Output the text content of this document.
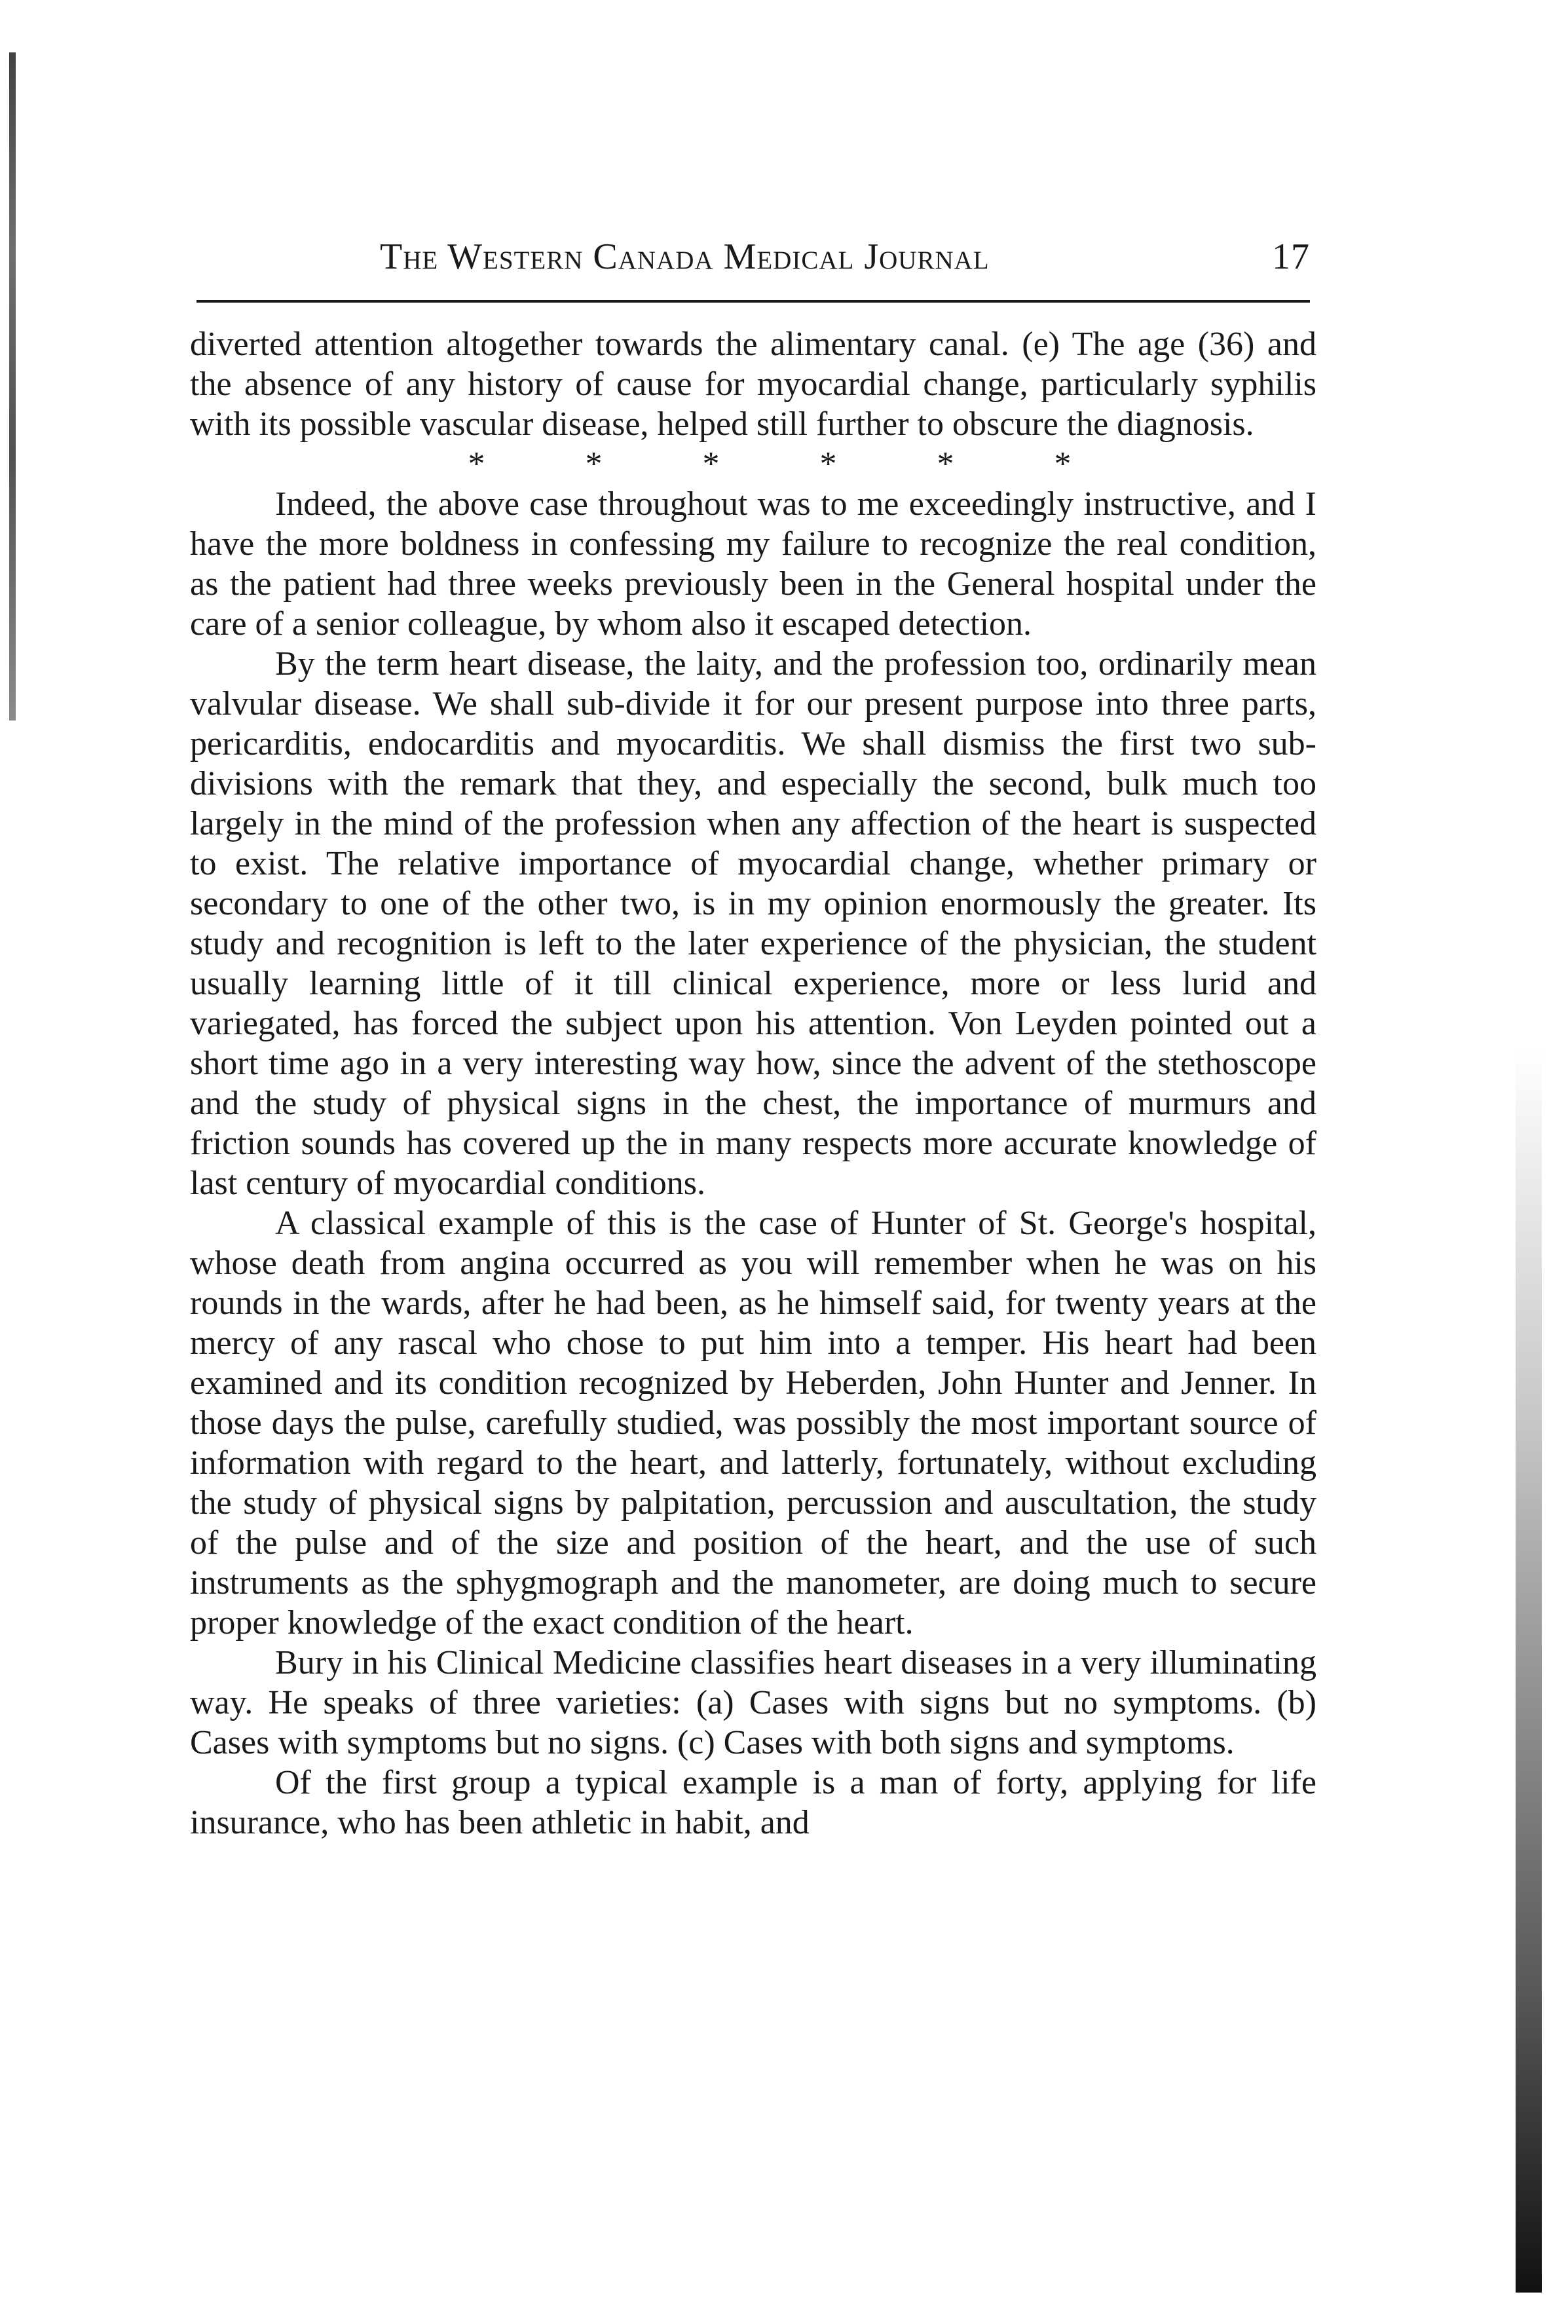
The Western Canada Medical Journal	17

diverted attention altogether towards the alimentary canal. (e) The age (36) and the absence of any history of cause for myocardial change, particularly syphilis with its possible vascular disease, helped still further to obscure the diagnosis.

* * * * * *

Indeed, the above case throughout was to me exceedingly instructive, and I have the more boldness in confessing my failure to recognize the real condition, as the patient had three weeks previously been in the General hospital under the care of a senior colleague, by whom also it escaped detection.

By the term heart disease, the laity, and the profession too, ordinarily mean valvular disease. We shall sub-divide it for our present purpose into three parts, pericarditis, endocarditis and myocarditis. We shall dismiss the first two sub-divisions with the remark that they, and especially the second, bulk much too largely in the mind of the profession when any affection of the heart is suspected to exist. The relative importance of myocardial change, whether primary or secondary to one of the other two, is in my opinion enormously the greater. Its study and recognition is left to the later experience of the physician, the student usually learning little of it till clinical experience, more or less lurid and variegated, has forced the subject upon his attention. Von Leyden pointed out a short time ago in a very interesting way how, since the advent of the stethoscope and the study of physical signs in the chest, the importance of murmurs and friction sounds has covered up the in many respects more accurate knowledge of last century of myocardial conditions.

A classical example of this is the case of Hunter of St. George's hospital, whose death from angina occurred as you will remember when he was on his rounds in the wards, after he had been, as he himself said, for twenty years at the mercy of any rascal who chose to put him into a temper. His heart had been examined and its condition recognized by Heberden, John Hunter and Jenner. In those days the pulse, carefully studied, was possibly the most important source of information with regard to the heart, and latterly, fortunately, without excluding the study of physical signs by palpitation, percussion and auscultation, the study of the pulse and of the size and position of the heart, and the use of such instruments as the sphygmograph and the manometer, are doing much to secure proper knowledge of the exact condition of the heart.

Bury in his Clinical Medicine classifies heart diseases in a very illuminating way. He speaks of three varieties: (a) Cases with signs but no symptoms. (b) Cases with symptoms but no signs. (c) Cases with both signs and symptoms.

Of the first group a typical example is a man of forty, applying for life insurance, who has been athletic in habit, and
